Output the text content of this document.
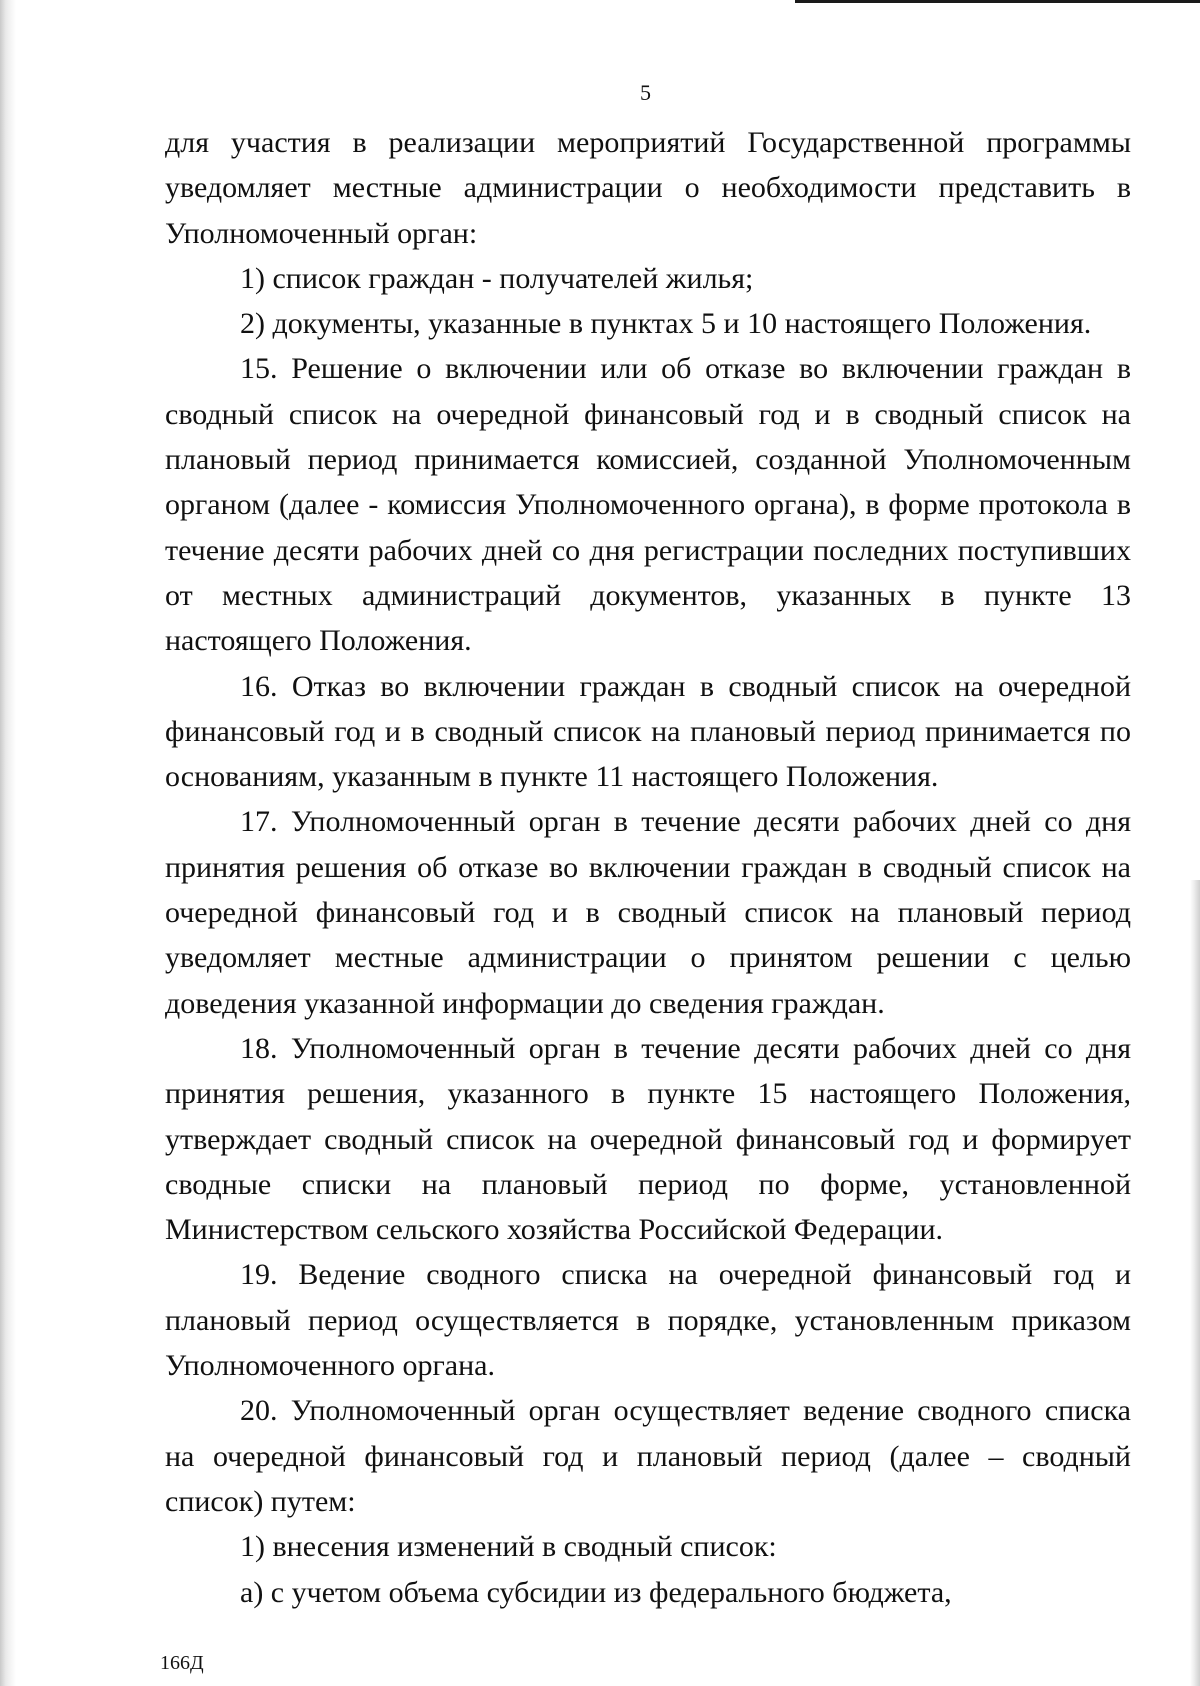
5

для участия в реализации мероприятий Государственной программы уведомляет местные администрации о необходимости представить в Уполномоченный орган:

1) список граждан - получателей жилья;

2) документы, указанные в пунктах 5 и 10 настоящего Положения.

15. Решение о включении или об отказе во включении граждан в сводный список на очередной финансовый год и в сводный список на плановый период принимается комиссией, созданной Уполномоченным органом (далее - комиссия Уполномоченного органа), в форме протокола в течение десяти рабочих дней со дня регистрации последних поступивших от местных администраций документов, указанных в пункте 13 настоящего Положения.

16. Отказ во включении граждан в сводный список на очередной финансовый год и в сводный список на плановый период принимается по основаниям, указанным в пункте 11 настоящего Положения.

17. Уполномоченный орган в течение десяти рабочих дней со дня принятия решения об отказе во включении граждан в сводный список на очередной финансовый год и в сводный список на плановый период уведомляет местные администрации о принятом решении с целью доведения указанной информации до сведения граждан.

18. Уполномоченный орган в течение десяти рабочих дней со дня принятия решения, указанного в пункте 15 настоящего Положения, утверждает сводный список на очередной финансовый год и формирует сводные списки на плановый период по форме, установленной Министерством сельского хозяйства Российской Федерации.

19. Ведение сводного списка на очередной финансовый год и плановый период осуществляется в порядке, установленным приказом Уполномоченного органа.

20. Уполномоченный орган осуществляет ведение сводного списка на очередной финансовый год и плановый период (далее – сводный список) путем:

1) внесения изменений в сводный список:

а) с учетом объема субсидии из федерального бюджета,

166Д
